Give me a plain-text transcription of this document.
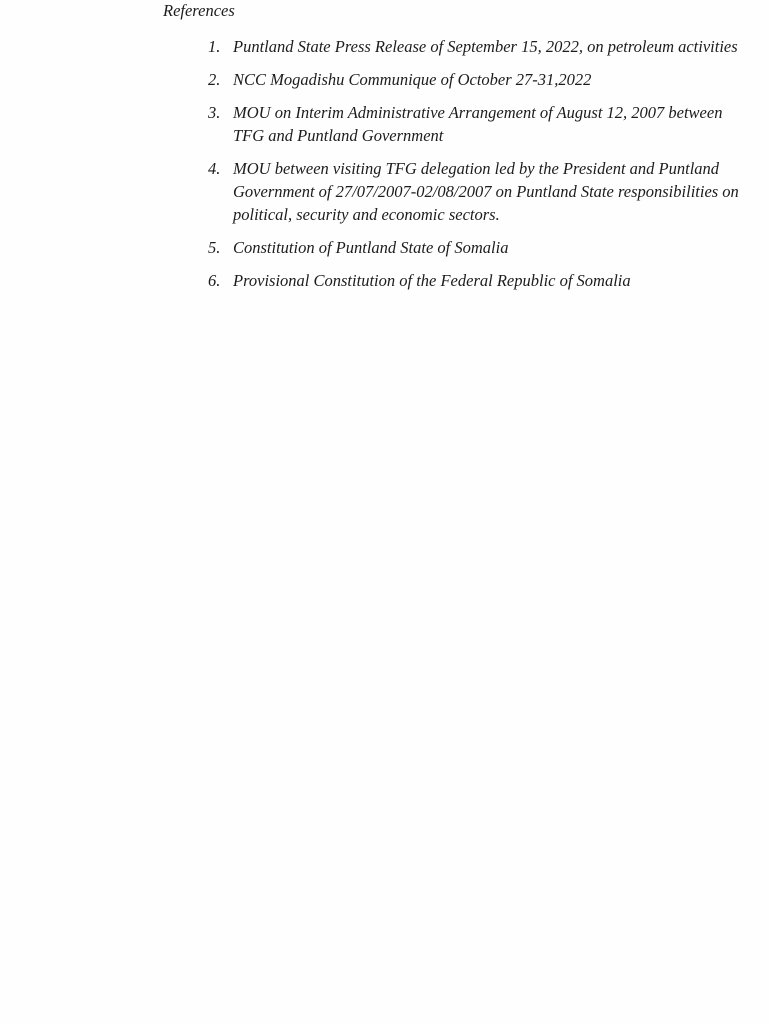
References
1. Puntland State Press Release of September 15, 2022, on petroleum activities
2. NCC Mogadishu Communique of October 27-31,2022
3. MOU on Interim Administrative Arrangement of August 12, 2007 between TFG and Puntland Government
4. MOU between visiting TFG delegation led by the President and Puntland Government of 27/07/2007-02/08/2007 on Puntland State responsibilities on political, security and economic sectors.
5. Constitution of Puntland State of Somalia
6. Provisional Constitution of the Federal Republic of Somalia
